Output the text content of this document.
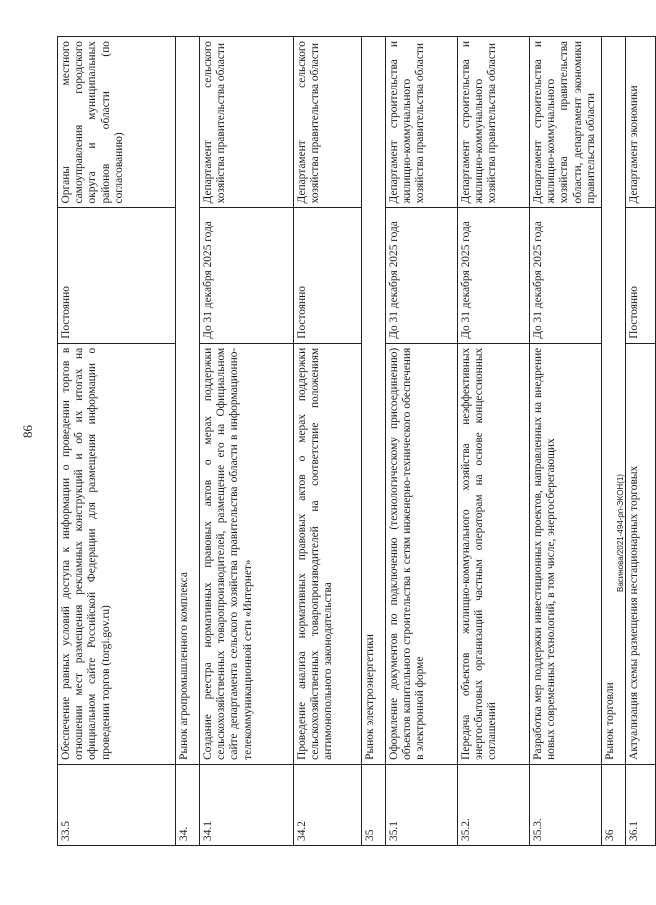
86
Васинова/2021-494-рп-ЭКОН(1)
33.5	Обеспечение равных условий доступа к информации о проведении торгов в отношении мест размещения рекламных конструкций и об их итогах на официальном сайте Российской Федерации для размещения информации о проведении торгов (torgi.gov.ru)	Постоянно	Органы местного самоуправления городского округа и муниципальных районов области (по согласованию)
34.	Рынок агропромышленного комплекса		
34.1	Создание реестра нормативных правовых актов о мерах поддержки сельскохозяйственных товаропроизводителей, размещение его на Официальном сайте департамента сельского хозяйства правительства области в информационно-телекоммуникационной сети «Интернет»	До 31 декабря 2025 года	Департамент сельского хозяйства правительства области
34.2	Проведение анализа нормативных правовых актов о мерах поддержки сельскохозяйственных товаропроизводителей на соответствие положениям антимонопольного законодательства	Постоянно	Департамент сельского хозяйства правительства области
35	Рынок электроэнергетики		
35.1	Оформление документов по подключению (технологическому присоединению) объектов капитального строительства к сетям инженерно-технического обеспечения в электронной форме	До 31 декабря 2025 года	Департамент строительства и жилищно-коммунального хозяйства правительства области
35.2.	Передача объектов жилищно-коммунального хозяйства неэффективных энергосбытовых организаций частным операторам на основе концессионных соглашений	До 31 декабря 2025 года	Департамент строительства и жилищно-коммунального хозяйства правительства области
35.3.	Разработка мер поддержки инвестиционных проектов, направленных на внедрение новых современных технологий, в том числе, энергосберегающих	До 31 декабря 2025 года	Департамент строительства и жилищно-коммунального хозяйства правительства области, департамент экономики правительства области
36	Рынок торговли		
36.1	Актуализация схемы размещения нестационарных торговых	Постоянно	Департамент экономики
